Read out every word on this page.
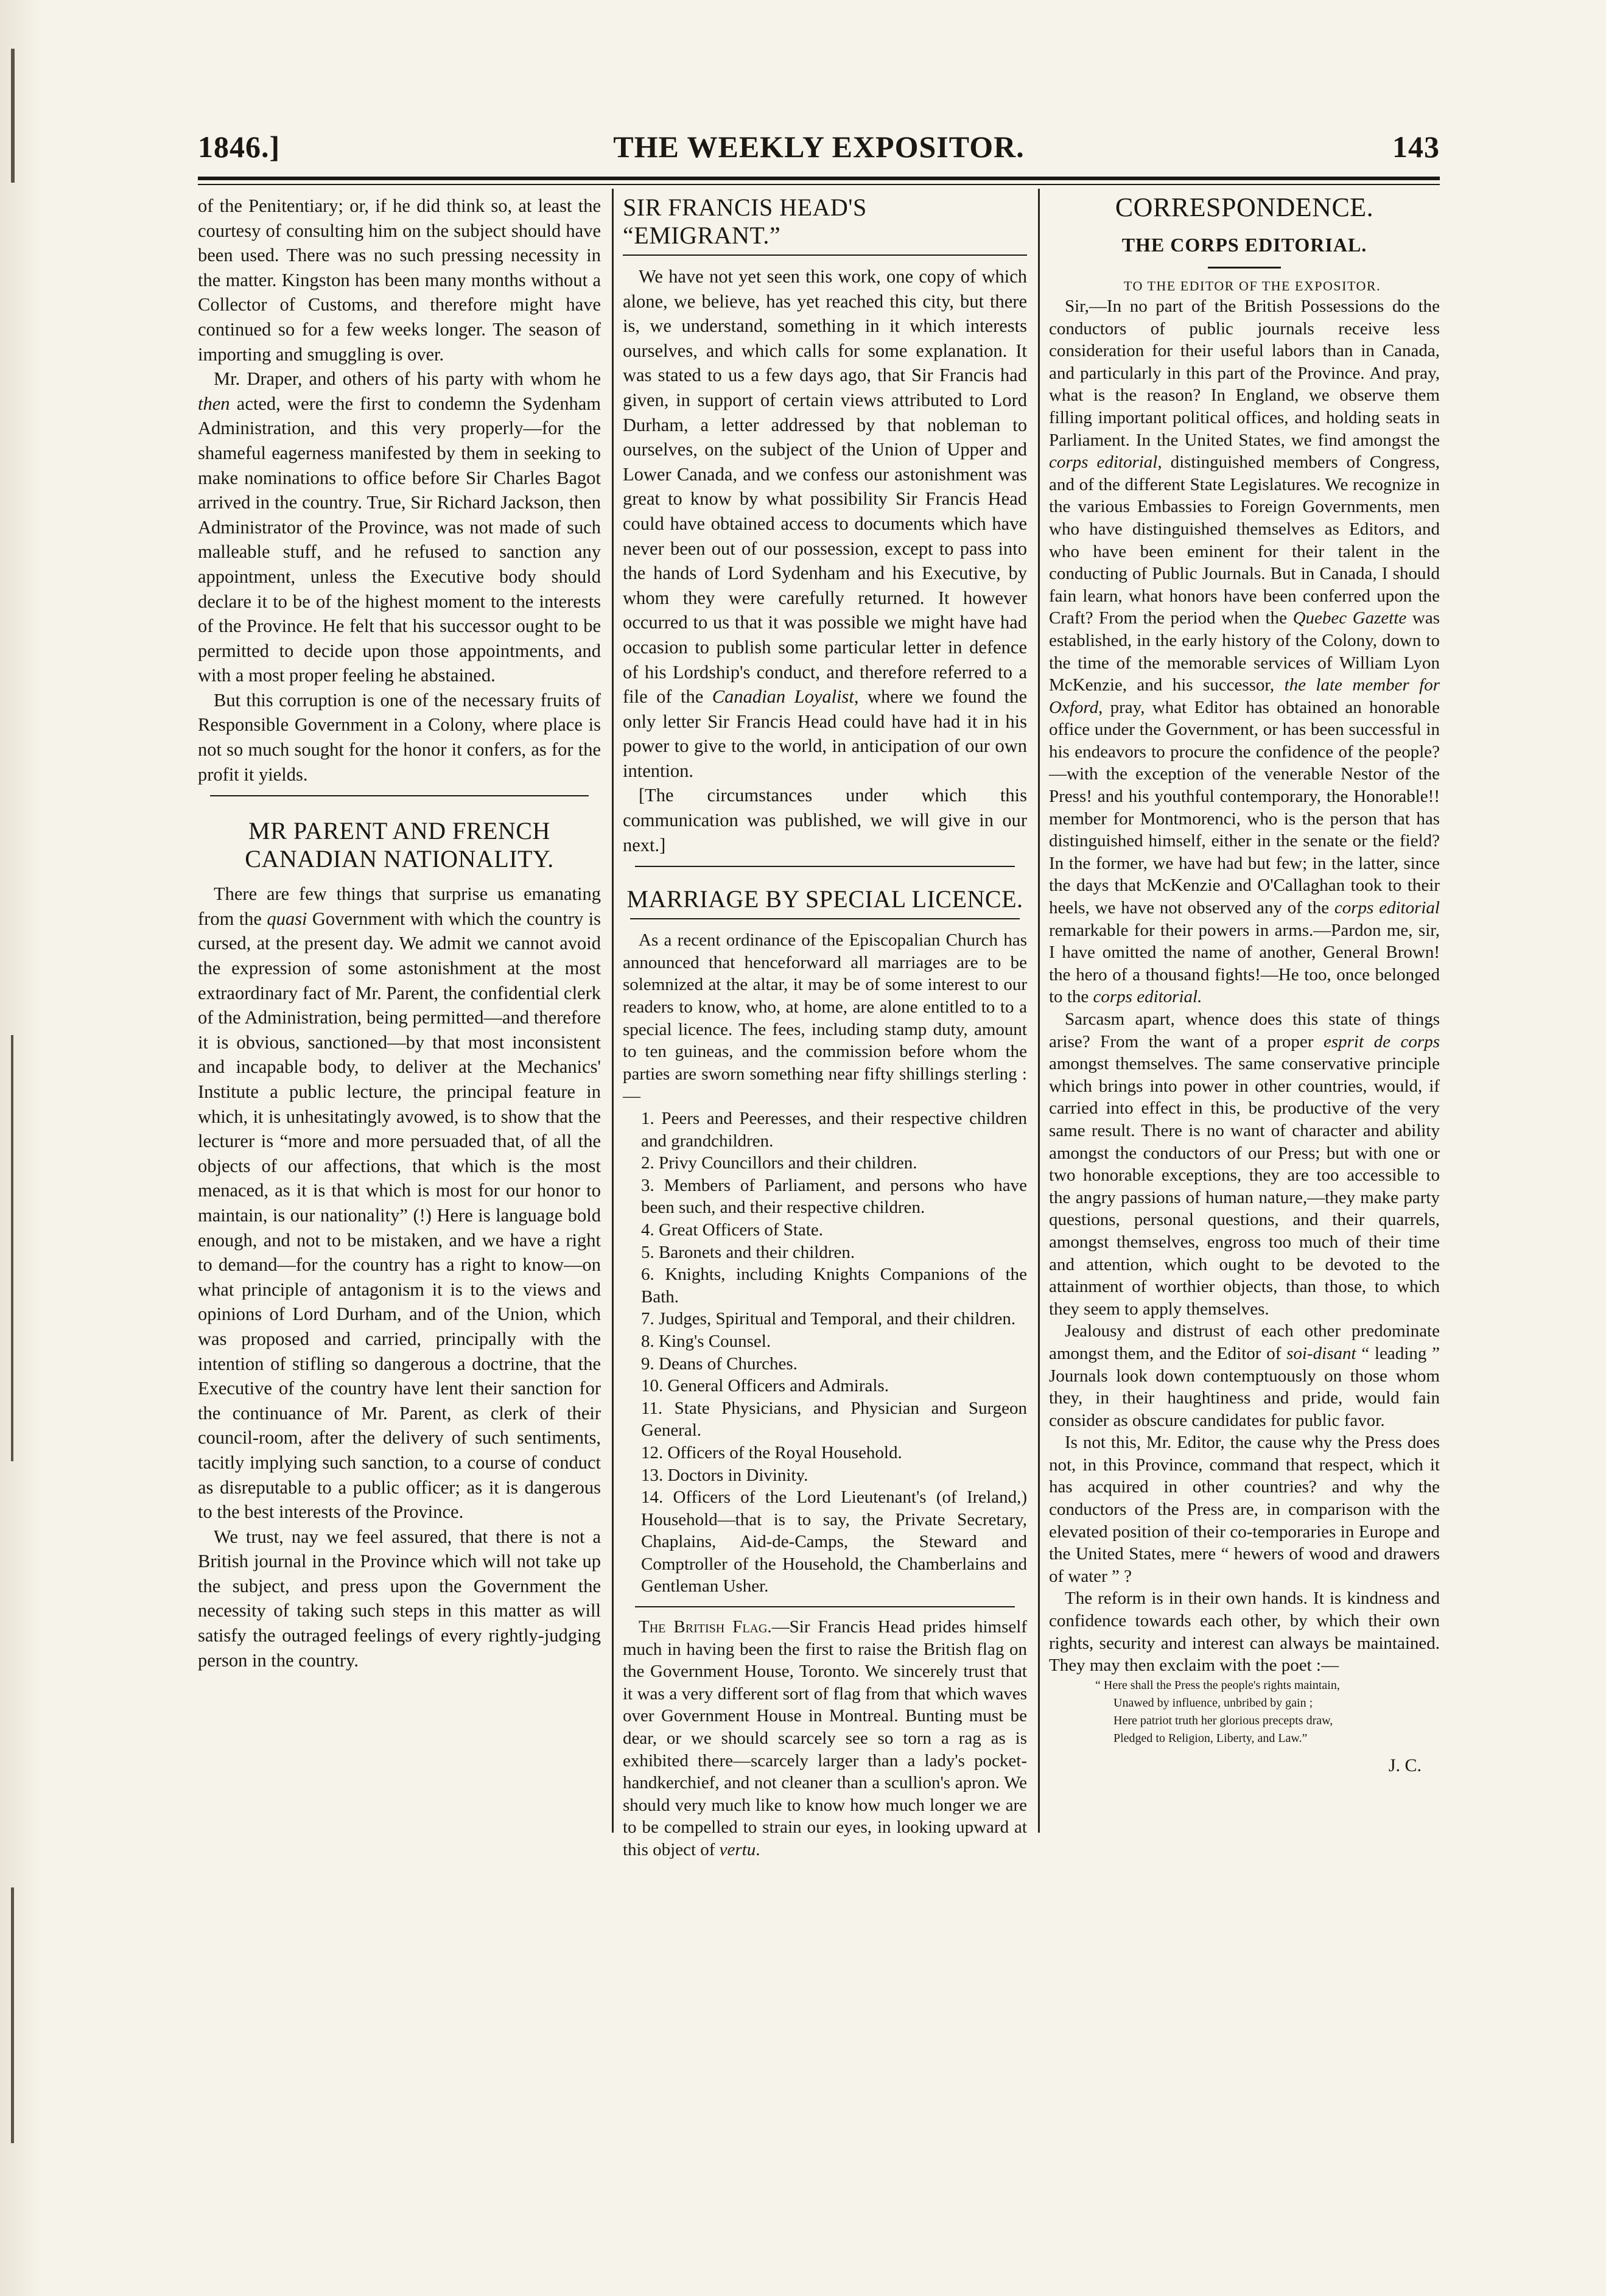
THE WEEKLY EXPOSITOR.
1846.]	143

of the Penitentiary; or, if he did think so, at least the courtesy of consulting him on the subject should have been used. There was no such pressing necessity in the matter. Kingston has been many months without a Collector of Customs, and therefore might have continued so for a few weeks longer. The season of importing and smuggling is over.

Mr. Draper, and others of his party with whom he then acted, were the first to condemn the Sydenham Administration, and this very properly—for the shameful eagerness manifested by them in seeking to make nominations to office before Sir Charles Bagot arrived in the country. True, Sir Richard Jackson, then Administrator of the Province, was not made of such malleable stuff, and he refused to sanction any appointment, unless the Executive body should declare it to be of the highest moment to the interests of the Province. He felt that his successor ought to be permitted to decide upon those appointments, and with a most proper feeling he abstained.

But this corruption is one of the necessary fruits of Responsible Government in a Colony, where place is not so much sought for the honor it confers, as for the profit it yields.

MR PARENT AND FRENCH CANADIAN NATIONALITY.

There are few things that surprise us emanating from the quasi Government with which the country is cursed, at the present day. We admit we cannot avoid the expression of some astonishment at the most extraordinary fact of Mr. Parent, the confidential clerk of the Administration, being permitted—and therefore it is obvious, sanctioned—by that most inconsistent and incapable body, to deliver at the Mechanics' Institute a public lecture, the principal feature in which, it is unhesitatingly avowed, is to show that the lecturer is “more and more persuaded that, of all the objects of our affections, that which is the most menaced, as it is that which is most for our honor to maintain, is our nationality” (!) Here is language bold enough, and not to be mistaken, and we have a right to demand—for the country has a right to know—on what principle of antagonism it is to the views and opinions of Lord Durham, and of the Union, which was proposed and carried, principally with the intention of stifling so dangerous a doctrine, that the Executive of the country have lent their sanction for the continuance of Mr. Parent, as clerk of their council-room, after the delivery of such sentiments, tacitly implying such sanction, to a course of conduct as disreputable to a public officer; as it is dangerous to the best interests of the Province.

We trust, nay we feel assured, that there is not a British journal in the Province which will not take up the subject, and press upon the Government the necessity of taking such steps in this matter as will satisfy the outraged feelings of every rightly-judging person in the country.

SIR FRANCIS HEAD'S “EMIGRANT.”

We have not yet seen this work, one copy of which alone, we believe, has yet reached this city, but there is, we understand, something in it which interests ourselves, and which calls for some explanation. It was stated to us a few days ago, that Sir Francis had given, in support of certain views attributed to Lord Durham, a letter addressed by that nobleman to ourselves, on the subject of the Union of Upper and Lower Canada, and we confess our astonishment was great to know by what possibility Sir Francis Head could have obtained access to documents which have never been out of our possession, except to pass into the hands of Lord Sydenham and his Executive, by whom they were carefully returned. It however occurred to us that it was possible we might have had occasion to publish some particular letter in defence of his Lordship's conduct, and therefore referred to a file of the Canadian Loyalist, where we found the only letter Sir Francis Head could have had it in his power to give to the world, in anticipation of our own intention.

[The circumstances under which this communication was published, we will give in our next.]

MARRIAGE BY SPECIAL LICENCE.

As a recent ordinance of the Episcopalian Church has announced that henceforward all marriages are to be solemnized at the altar, it may be of some interest to our readers to know, who, at home, are alone entitled to to a special licence. The fees, including stamp duty, amount to ten guineas, and the commission before whom the parties are sworn something near fifty shillings sterling :—

1. Peers and Peeresses, and their respective children and grandchildren.

2. Privy Councillors and their children.

3. Members of Parliament, and persons who have been such, and their respective children.

4. Great Officers of State.

5. Baronets and their children.

6. Knights, including Knights Companions of the Bath.

7. Judges, Spiritual and Temporal, and their children.

8. King's Counsel.

9. Deans of Churches.

10. General Officers and Admirals.

11. State Physicians, and Physician and Surgeon General.

12. Officers of the Royal Household.

13. Doctors in Divinity.

14. Officers of the Lord Lieutenant's (of Ireland,) Household—that is to say, the Private Secretary, Chaplains, Aid-de-Camps, the Steward and Comptroller of the Household, the Chamberlains and Gentleman Usher.

The British Flag.—Sir Francis Head prides himself much in having been the first to raise the British flag on the Government House, Toronto. We sincerely trust that it was a very different sort of flag from that which waves over Government House in Montreal. Bunting must be dear, or we should scarcely see so torn a rag as is exhibited there—scarcely larger than a lady's pocket-handkerchief, and not cleaner than a scullion's apron. We should very much like to know how much longer we are to be compelled to strain our eyes, in looking upward at this object of vertu.

CORRESPONDENCE.
THE CORPS EDITORIAL.

TO THE EDITOR OF THE EXPOSITOR.

Sir,—In no part of the British Possessions do the conductors of public journals receive less consideration for their useful labors than in Canada, and particularly in this part of the Province. And pray, what is the reason? In England, we observe them filling important political offices, and holding seats in Parliament. In the United States, we find amongst the corps editorial, distinguished members of Congress, and of the different State Legislatures. We recognize in the various Embassies to Foreign Governments, men who have distinguished themselves as Editors, and who have been eminent for their talent in the conducting of Public Journals. But in Canada, I should fain learn, what honors have been conferred upon the Craft? From the period when the Quebec Gazette was established, in the early history of the Colony, down to the time of the memorable services of William Lyon McKenzie, and his successor, the late member for Oxford, pray, what Editor has obtained an honorable office under the Government, or has been successful in his endeavors to procure the confidence of the people?—with the exception of the venerable Nestor of the Press! and his youthful contemporary, the Honorable!! member for Montmorenci, who is the person that has distinguished himself, either in the senate or the field? In the former, we have had but few; in the latter, since the days that McKenzie and O'Callaghan took to their heels, we have not observed any of the corps editorial remarkable for their powers in arms.—Pardon me, sir, I have omitted the name of another, General Brown! the hero of a thousand fights!—He too, once belonged to the corps editorial.

Sarcasm apart, whence does this state of things arise? From the want of a proper esprit de corps amongst themselves. The same conservative principle which brings into power in other countries, would, if carried into effect in this, be productive of the very same result. There is no want of character and ability amongst the conductors of our Press; but with one or two honorable exceptions, they are too accessible to the angry passions of human nature,—they make party questions, personal questions, and their quarrels, amongst themselves, engross too much of their time and attention, which ought to be devoted to the attainment of worthier objects, than those, to which they seem to apply themselves.

Jealousy and distrust of each other predominate amongst them, and the Editor of soi-disant “ leading ” Journals look down contemptuously on those whom they, in their haughtiness and pride, would fain consider as obscure candidates for public favor.

Is not this, Mr. Editor, the cause why the Press does not, in this Province, command that respect, which it has acquired in other countries? and why the conductors of the Press are, in comparison with the elevated position of their co-temporaries in Europe and the United States, mere “ hewers of wood and drawers of water ” ?

The reform is in their own hands. It is kindness and confidence towards each other, by which their own rights, security and interest can always be maintained. They may then exclaim with the poet :—

“ Here shall the Press the people's rights maintain,

Unawed by influence, unbribed by gain ;

Here patriot truth her glorious precepts draw,

Pledged to Religion, Liberty, and Law.”

J. C.
